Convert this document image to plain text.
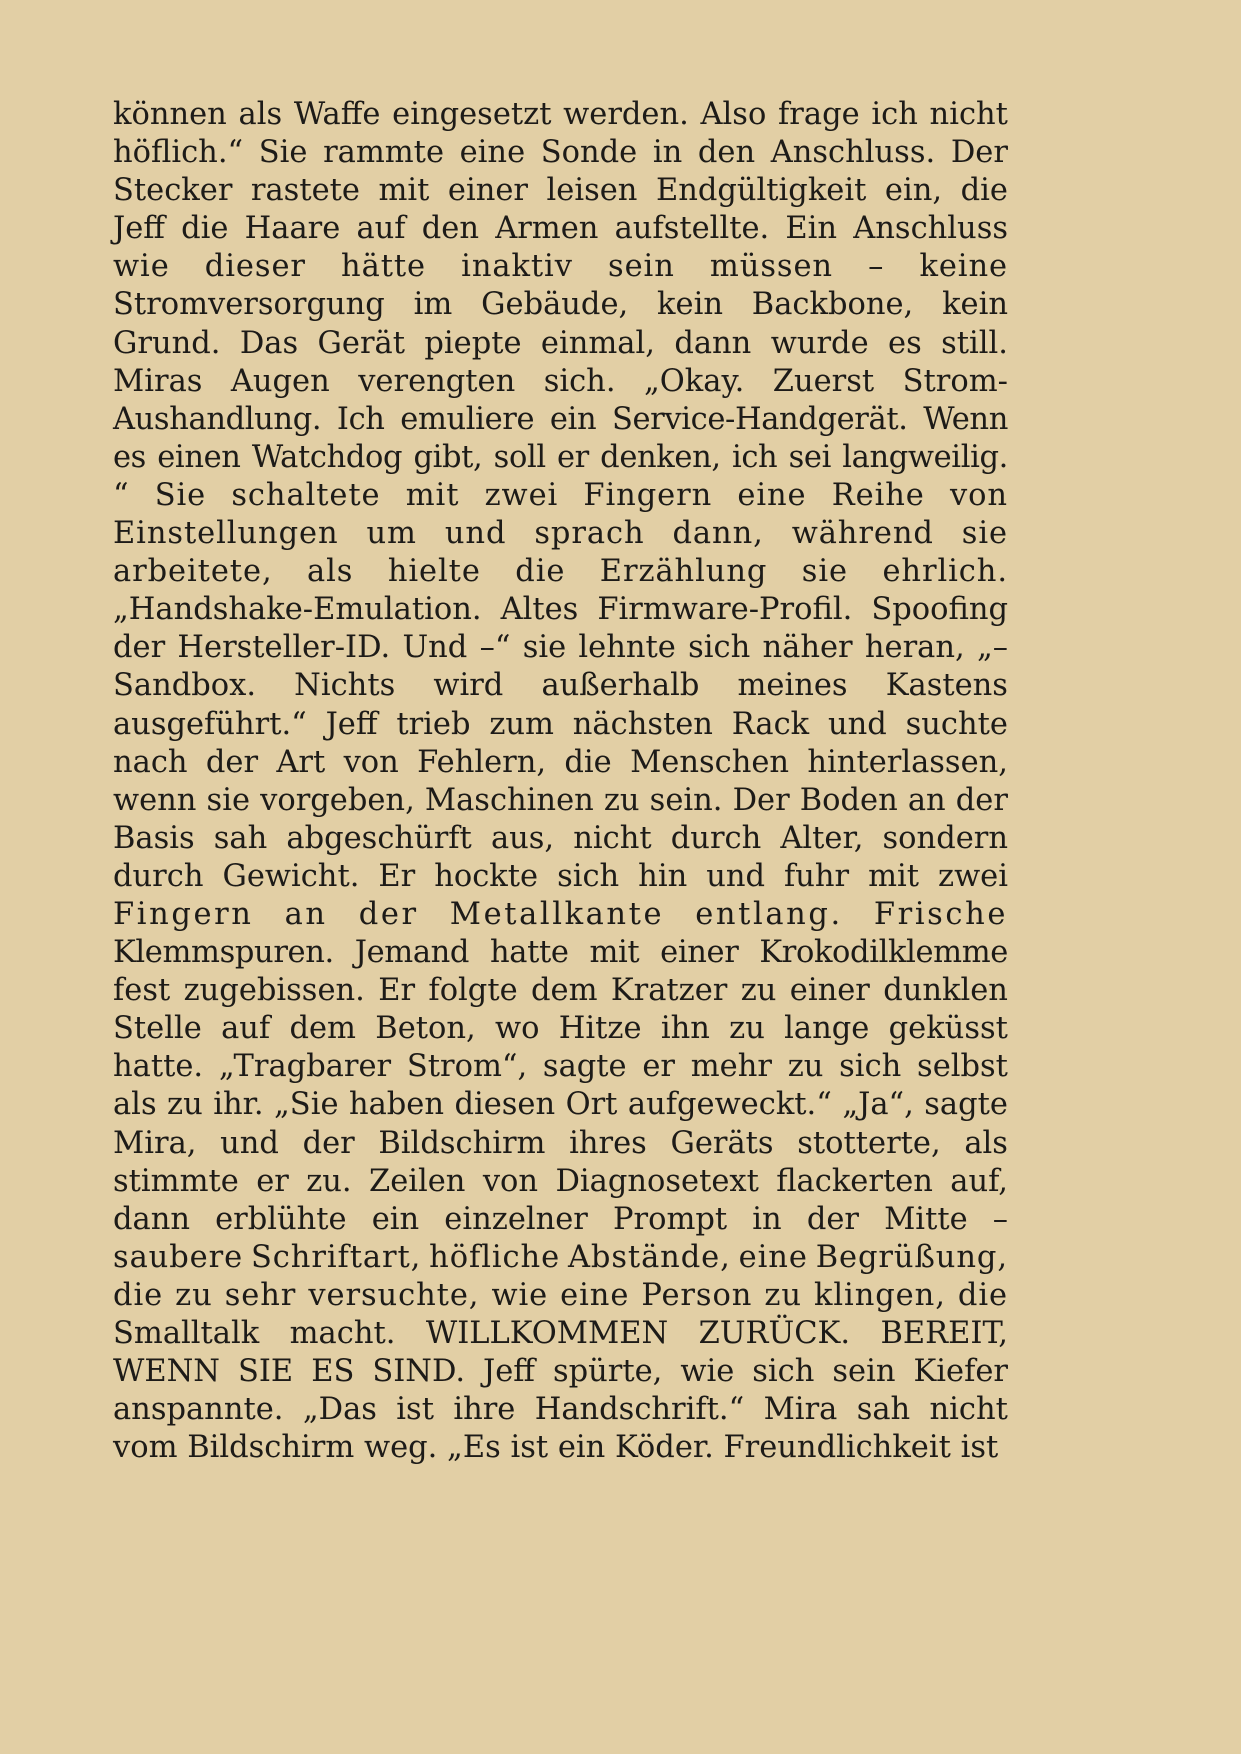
können als Waffe eingesetzt werden. Also frage ich nicht
höflich.“ Sie rammte eine Sonde in den Anschluss. Der
Stecker rastete mit einer leisen Endgültigkeit ein, die
Jeff die Haare auf den Armen aufstellte. Ein Anschluss
wie dieser hätte inaktiv sein müssen – keine
Stromversorgung im Gebäude, kein Backbone, kein
Grund. Das Gerät piepte einmal, dann wurde es still.
Miras Augen verengten sich. „Okay. Zuerst Strom-
Aushandlung. Ich emuliere ein Service-Handgerät. Wenn
es einen Watchdog gibt, soll er denken, ich sei langweilig.
“ Sie schaltete mit zwei Fingern eine Reihe von
Einstellungen um und sprach dann, während sie
arbeitete, als hielte die Erzählung sie ehrlich.
„Handshake-Emulation. Altes Firmware-Profil. Spoofing
der Hersteller-ID. Und –“ sie lehnte sich näher heran, „–
Sandbox. Nichts wird außerhalb meines Kastens
ausgeführt.“ Jeff trieb zum nächsten Rack und suchte
nach der Art von Fehlern, die Menschen hinterlassen,
wenn sie vorgeben, Maschinen zu sein. Der Boden an der
Basis sah abgeschürft aus, nicht durch Alter, sondern
durch Gewicht. Er hockte sich hin und fuhr mit zwei
Fingern an der Metallkante entlang. Frische
Klemmspuren. Jemand hatte mit einer Krokodilklemme
fest zugebissen. Er folgte dem Kratzer zu einer dunklen
Stelle auf dem Beton, wo Hitze ihn zu lange geküsst
hatte. „Tragbarer Strom“, sagte er mehr zu sich selbst
als zu ihr. „Sie haben diesen Ort aufgeweckt.“ „Ja“, sagte
Mira, und der Bildschirm ihres Geräts stotterte, als
stimmte er zu. Zeilen von Diagnosetext flackerten auf,
dann erblühte ein einzelner Prompt in der Mitte –
saubere Schriftart, höfliche Abstände, eine Begrüßung,
die zu sehr versuchte, wie eine Person zu klingen, die
Smalltalk macht. WILLKOMMEN ZURÜCK. BEREIT,
WENN SIE ES SIND. Jeff spürte, wie sich sein Kiefer
anspannte. „Das ist ihre Handschrift.“ Mira sah nicht
vom Bildschirm weg. „Es ist ein Köder. Freundlichkeit ist
